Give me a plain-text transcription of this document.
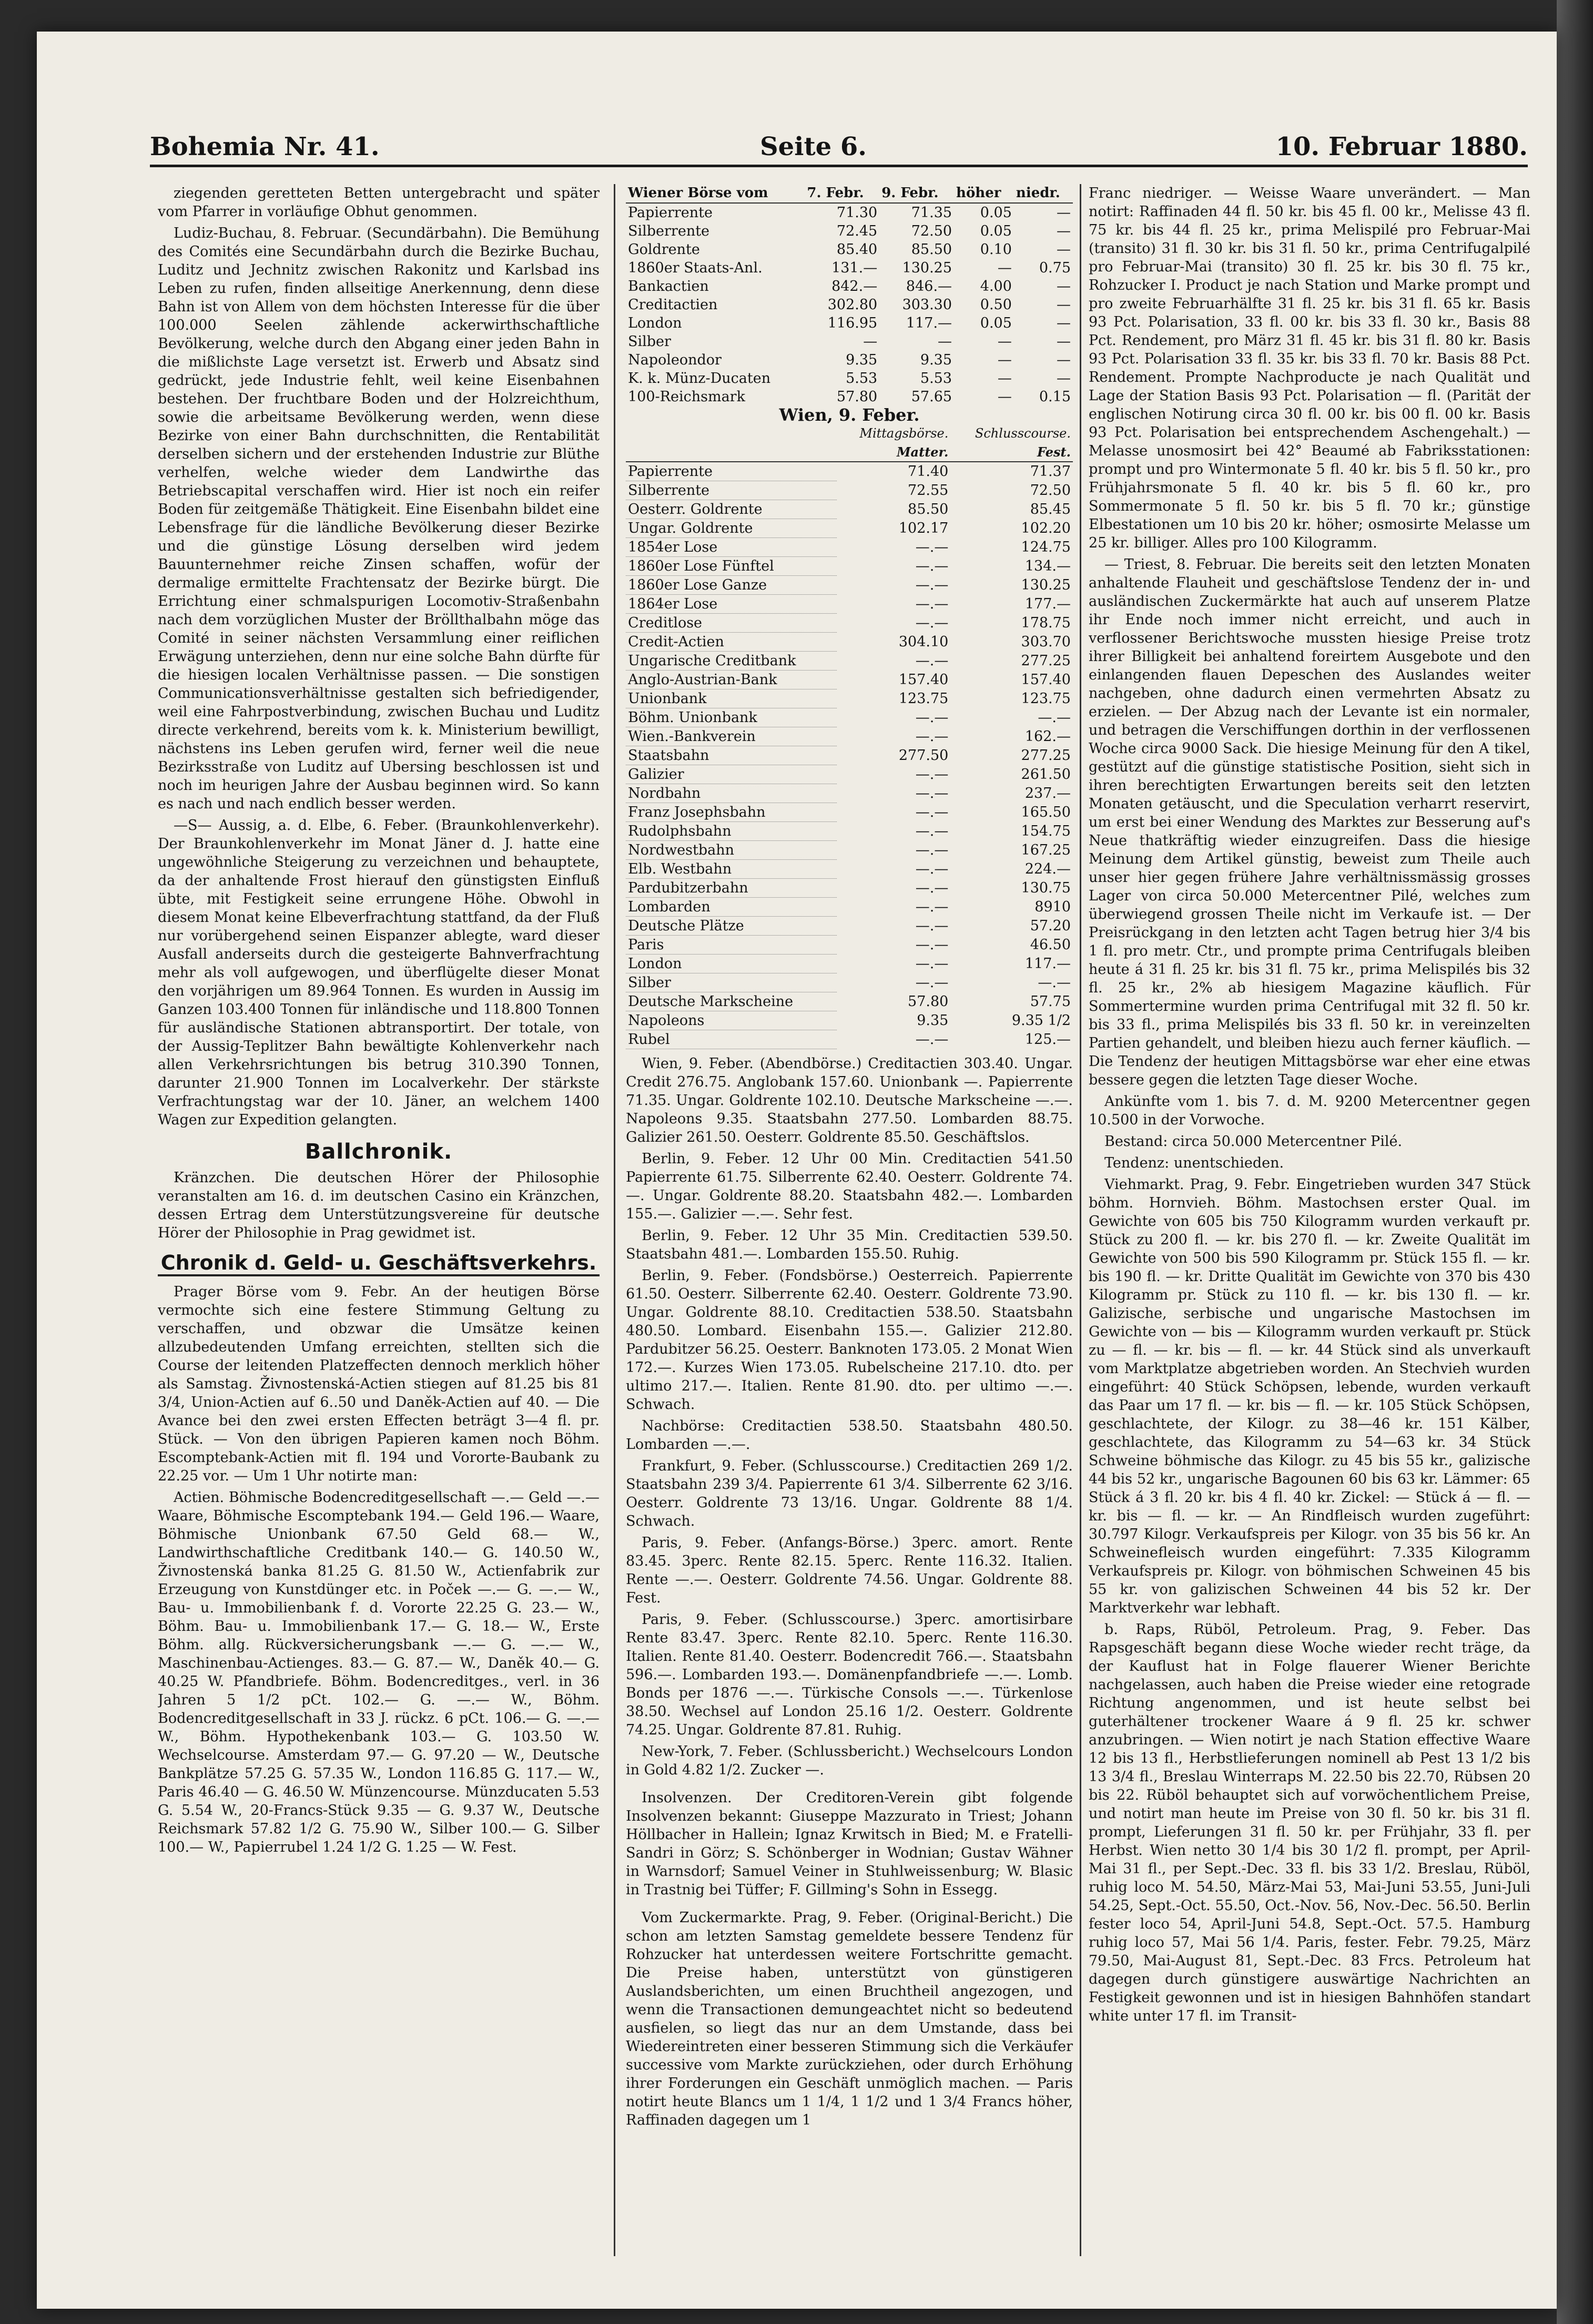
Bohemia Nr. 41.	Seite 6.	10. Februar 1880.

ziegenden geretteten Betten untergebracht und später vom Pfarrer in vorläufige Obhut genommen.

Ludiz-Buchau, 8. Februar. (Secundärbahn). Die Bemühung des Comités eine Secundärbahn durch die Bezirke Buchau, Luditz und Jechnitz zwischen Rakonitz und Karlsbad ins Leben zu rufen, finden allseitige Anerkennung, denn diese Bahn ist von Allem von dem höchsten Interesse für die über 100.000 Seelen zählende ackerwirthschaftliche Bevölkerung, welche durch den Abgang einer jeden Bahn in die mißlichste Lage versetzt ist. Erwerb und Absatz sind gedrückt, jede Industrie fehlt, weil keine Eisenbahnen bestehen. Der fruchtbare Boden und der Holzreichthum, sowie die arbeitsame Bevölkerung werden, wenn diese Bezirke von einer Bahn durchschnitten, die Rentabilität derselben sichern und der erstehenden Industrie zur Blüthe verhelfen, welche wieder dem Landwirthe das Betriebscapital verschaffen wird. Hier ist noch ein reifer Boden für zeitgemäße Thätigkeit. Eine Eisenbahn bildet eine Lebensfrage für die ländliche Bevölkerung dieser Bezirke und die günstige Lösung derselben wird jedem Bauunternehmer reiche Zinsen schaffen, wofür der dermalige ermittelte Frachtensatz der Bezirke bürgt. Die Errichtung einer schmalspurigen Locomotiv-Straßenbahn nach dem vorzüglichen Muster der Bröllthalbahn möge das Comité in seiner nächsten Versammlung einer reiflichen Erwägung unterziehen, denn nur eine solche Bahn dürfte für die hiesigen localen Verhältnisse passen. — Die sonstigen Communicationsverhältnisse gestalten sich befriedigender, weil eine Fahrpostverbindung, zwischen Buchau und Luditz directe verkehrend, bereits vom k. k. Ministerium bewilligt, nächstens ins Leben gerufen wird, ferner weil die neue Bezirksstraße von Luditz auf Ubersing beschlossen ist und noch im heurigen Jahre der Ausbau beginnen wird. So kann es nach und nach endlich besser werden.

—S— Aussig, a. d. Elbe, 6. Feber. (Braunkohlenverkehr). Der Braunkohlenverkehr im Monat Jäner d. J. hatte eine ungewöhnliche Steigerung zu verzeichnen und behauptete, da der anhaltende Frost hierauf den günstigsten Einfluß übte, mit Festigkeit seine errungene Höhe. Obwohl in diesem Monat keine Elbeverfrachtung stattfand, da der Fluß nur vorübergehend seinen Eispanzer ablegte, ward dieser Ausfall anderseits durch die gesteigerte Bahnverfrachtung mehr als voll aufgewogen, und überflügelte dieser Monat den vorjährigen um 89.964 Tonnen. Es wurden in Aussig im Ganzen 103.400 Tonnen für inländische und 118.800 Tonnen für ausländische Stationen abtransportirt. Der totale, von der Aussig-Teplitzer Bahn bewältigte Kohlenverkehr nach allen Verkehrsrichtungen bis betrug 310.390 Tonnen, darunter 21.900 Tonnen im Localverkehr. Der stärkste Verfrachtungstag war der 10. Jäner, an welchem 1400 Wagen zur Expedition gelangten.

Ballchronik.

Kränzchen. Die deutschen Hörer der Philosophie veranstalten am 16. d. im deutschen Casino ein Kränzchen, dessen Ertrag dem Unterstützungsvereine für deutsche Hörer der Philosophie in Prag gewidmet ist.

Chronik d. Geld- u. Geschäftsverkehrs.

Prager Börse vom 9. Febr. An der heutigen Börse vermochte sich eine festere Stimmung Geltung zu verschaffen, und obzwar die Umsätze keinen allzubedeutenden Umfang erreichten, stellten sich die Course der leitenden Platzeffecten dennoch merklich höher als Samstag. Živnostenská-Actien stiegen auf 81.25 bis 81 3/4, Union-Actien auf 6..50 und Daněk-Actien auf 40. — Die Avance bei den zwei ersten Effecten beträgt 3—4 fl. pr. Stück. — Von den übrigen Papieren kamen noch Böhm. Escomptebank-Actien mit fl. 194 und Vororte-Baubank zu 22.25 vor. — Um 1 Uhr notirte man:

Actien. Böhmische Bodencreditgesellschaft —.— Geld —.— Waare, Böhmische Escomptebank 194.— Geld 196.— Waare, Böhmische Unionbank 67.50 Geld 68.— W., Landwirthschaftliche Creditbank 140.— G. 140.50 W., Živnostenská banka 81.25 G. 81.50 W., Actienfabrik zur Erzeugung von Kunstdünger etc. in Poček —.— G. —.— W., Bau- u. Immobilienbank f. d. Vororte 22.25 G. 23.— W., Böhm. Bau- u. Immobilienbank 17.— G. 18.— W., Erste Böhm. allg. Rückversicherungsbank —.— G. —.— W., Maschinenbau-Actienges. 83.— G. 87.— W., Daněk 40.— G. 40.25 W. Pfandbriefe. Böhm. Bodencreditges., verl. in 36 Jahren 5 1/2 pCt. 102.— G. —.— W., Böhm. Bodencreditgesellschaft in 33 J. rückz. 6 pCt. 106.— G. —.— W., Böhm. Hypothekenbank 103.— G. 103.50 W. Wechselcourse. Amsterdam 97.— G. 97.20 — W., Deutsche Bankplätze 57.25 G. 57.35 W., London 116.85 G. 117.— W., Paris 46.40 — G. 46.50 W. Münzencourse. Münzducaten 5.53 G. 5.54 W., 20-Francs-Stück 9.35 — G. 9.37 W., Deutsche Reichsmark 57.82 1/2 G. 75.90 W., Silber 100.— G. Silber 100.— W., Papierrubel 1.24 1/2 G. 1.25 — W. Fest.

Wiener Börse vom	7. Febr.	9. Febr.	höher	niedr.
Papierrente	71.30	71.35	0.05	—
Silberrente	72.45	72.50	0.05	—
Goldrente	85.40	85.50	0.10	—
1860er Staats-Anl.	131.—	130.25	—	0.75
Bankactien	842.—	846.—	4.00	—
Creditactien	302.80	303.30	0.50	—
London	116.95	117.—	0.05	—
Silber	—	—	—	—
Napoleondor	9.35	9.35	—	—
K. k. Münz-Ducaten	5.53	5.53	—	—
100-Reichsmark	57.80	57.65	—	0.15
Wien, 9. Feber.
	Mittagsbörse.	Schlusscourse.
	Matter.	Fest.
Papierrente	71.40	71.37
Silberrente	72.55	72.50
Oesterr. Goldrente	85.50	85.45
Ungar. Goldrente	102.17	102.20
1854er Lose	—.—	124.75
1860er Lose Fünftel	—.—	134.—
1860er Lose Ganze	—.—	130.25
1864er Lose	—.—	177.—
Creditlose	—.—	178.75
Credit-Actien	304.10	303.70
Ungarische Creditbank	—.—	277.25
Anglo-Austrian-Bank	157.40	157.40
Unionbank	123.75	123.75
Böhm. Unionbank	—.—	—.—
Wien.-Bankverein	—.—	162.—
Staatsbahn	277.50	277.25
Galizier	—.—	261.50
Nordbahn	—.—	237.—
Franz Josephsbahn	—.—	165.50
Rudolphsbahn	—.—	154.75
Nordwestbahn	—.—	167.25
Elb. Westbahn	—.—	224.—
Pardubitzerbahn	—.—	130.75
Lombarden	—.—	8910
Deutsche Plätze	—.—	57.20
Paris	—.—	46.50
London	—.—	117.—
Silber	—.—	—.—
Deutsche Markscheine	57.80	57.75
Napoleons	9.35	9.35 1/2
Rubel	—.—	125.—

Wien, 9. Feber. (Abendbörse.) Creditactien 303.40. Ungar. Credit 276.75. Anglobank 157.60. Unionbank —. Papierrente 71.35. Ungar. Goldrente 102.10. Deutsche Markscheine —.—. Napoleons 9.35. Staatsbahn 277.50. Lombarden 88.75. Galizier 261.50. Oesterr. Goldrente 85.50. Geschäftslos.

Berlin, 9. Feber. 12 Uhr 00 Min. Creditactien 541.50 Papierrente 61.75. Silberrente 62.40. Oesterr. Goldrente 74.—. Ungar. Goldrente 88.20. Staatsbahn 482.—. Lombarden 155.—. Galizier —.—. Sehr fest.

Berlin, 9. Feber. 12 Uhr 35 Min. Creditactien 539.50. Staatsbahn 481.—. Lombarden 155.50. Ruhig.

Berlin, 9. Feber. (Fondsbörse.) Oesterreich. Papierrente 61.50. Oesterr. Silberrente 62.40. Oesterr. Goldrente 73.90. Ungar. Goldrente 88.10. Creditactien 538.50. Staatsbahn 480.50. Lombard. Eisenbahn 155.—. Galizier 212.80. Pardubitzer 56.25. Oesterr. Banknoten 173.05. 2 Monat Wien 172.—. Kurzes Wien 173.05. Rubelscheine 217.10. dto. per ultimo 217.—. Italien. Rente 81.90. dto. per ultimo —.—. Schwach.

Nachbörse: Creditactien 538.50. Staatsbahn 480.50. Lombarden —.—.

Frankfurt, 9. Feber. (Schlusscourse.) Creditactien 269 1/2. Staatsbahn 239 3/4. Papierrente 61 3/4. Silberrente 62 3/16. Oesterr. Goldrente 73 13/16. Ungar. Goldrente 88 1/4. Schwach.

Paris, 9. Feber. (Anfangs-Börse.) 3perc. amort. Rente 83.45. 3perc. Rente 82.15. 5perc. Rente 116.32. Italien. Rente —.—. Oesterr. Goldrente 74.56. Ungar. Goldrente 88. Fest.

Paris, 9. Feber. (Schlusscourse.) 3perc. amortisirbare Rente 83.47. 3perc. Rente 82.10. 5perc. Rente 116.30. Italien. Rente 81.40. Oesterr. Bodencredit 766.—. Staatsbahn 596.—. Lombarden 193.—. Domänenpfandbriefe —.—. Lomb. Bonds per 1876 —.—. Türkische Consols —.—. Türkenlose 38.50. Wechsel auf London 25.16 1/2. Oesterr. Goldrente 74.25. Ungar. Goldrente 87.81. Ruhig.

New-York, 7. Feber. (Schlussbericht.) Wechselcours London in Gold 4.82 1/2. Zucker —.

Insolvenzen. Der Creditoren-Verein gibt folgende Insolvenzen bekannt: Giuseppe Mazzurato in Triest; Johann Höllbacher in Hallein; Ignaz Krwitsch in Bied; M. e Fratelli-Sandri in Görz; S. Schönberger in Wodnian; Gustav Wähner in Warnsdorf; Samuel Veiner in Stuhlweissenburg; W. Blasic in Trastnig bei Tüffer; F. Gillming's Sohn in Essegg.

Vom Zuckermarkte. Prag, 9. Feber. (Original-Bericht.) Die schon am letzten Samstag gemeldete bessere Tendenz für Rohzucker hat unterdessen weitere Fortschritte gemacht. Die Preise haben, unterstützt von günstigeren Auslandsberichten, um einen Bruchtheil angezogen, und wenn die Transactionen demungeachtet nicht so bedeutend ausfielen, so liegt das nur an dem Umstande, dass bei Wiedereintreten einer besseren Stimmung sich die Verkäufer successive vom Markte zurückziehen, oder durch Erhöhung ihrer Forderungen ein Geschäft unmöglich machen. — Paris notirt heute Blancs um 1 1/4, 1 1/2 und 1 3/4 Francs höher, Raffinaden dagegen um 1

Franc niedriger. — Weisse Waare unverändert. — Man notirt: Raffinaden 44 fl. 50 kr. bis 45 fl. 00 kr., Melisse 43 fl. 75 kr. bis 44 fl. 25 kr., prima Melispilé pro Februar-Mai (transito) 31 fl. 30 kr. bis 31 fl. 50 kr., prima Centrifugalpilé pro Februar-Mai (transito) 30 fl. 25 kr. bis 30 fl. 75 kr., Rohzucker I. Product je nach Station und Marke prompt und pro zweite Februarhälfte 31 fl. 25 kr. bis 31 fl. 65 kr. Basis 93 Pct. Polarisation, 33 fl. 00 kr. bis 33 fl. 30 kr., Basis 88 Pct. Rendement, pro März 31 fl. 45 kr. bis 31 fl. 80 kr. Basis 93 Pct. Polarisation 33 fl. 35 kr. bis 33 fl. 70 kr. Basis 88 Pct. Rendement. Prompte Nachproducte je nach Qualität und Lage der Station Basis 93 Pct. Polarisation — fl. (Parität der englischen Notirung circa 30 fl. 00 kr. bis 00 fl. 00 kr. Basis 93 Pct. Polarisation bei entsprechendem Aschengehalt.) — Melasse unosmosirt bei 42° Beaumé ab Fabriksstationen: prompt und pro Wintermonate 5 fl. 40 kr. bis 5 fl. 50 kr., pro Frühjahrsmonate 5 fl. 40 kr. bis 5 fl. 60 kr., pro Sommermonate 5 fl. 50 kr. bis 5 fl. 70 kr.; günstige Elbestationen um 10 bis 20 kr. höher; osmosirte Melasse um 25 kr. billiger. Alles pro 100 Kilogramm.

— Triest, 8. Februar. Die bereits seit den letzten Monaten anhaltende Flauheit und geschäftslose Tendenz der in- und ausländischen Zuckermärkte hat auch auf unserem Platze ihr Ende noch immer nicht erreicht, und auch in verflossener Berichtswoche mussten hiesige Preise trotz ihrer Billigkeit bei anhaltend foreirtem Ausgebote und den einlangenden flauen Depeschen des Auslandes weiter nachgeben, ohne dadurch einen vermehrten Absatz zu erzielen. — Der Abzug nach der Levante ist ein normaler, und betragen die Verschiffungen dorthin in der verflossenen Woche circa 9000 Sack. Die hiesige Meinung für den A tikel, gestützt auf die günstige statistische Position, sieht sich in ihren berechtigten Erwartungen bereits seit den letzten Monaten getäuscht, und die Speculation verharrt reservirt, um erst bei einer Wendung des Marktes zur Besserung auf's Neue thatkräftig wieder einzugreifen. Dass die hiesige Meinung dem Artikel günstig, beweist zum Theile auch unser hier gegen frühere Jahre verhältnissmässig grosses Lager von circa 50.000 Metercentner Pilé, welches zum überwiegend grossen Theile nicht im Verkaufe ist. — Der Preisrückgang in den letzten acht Tagen betrug hier 3/4 bis 1 fl. pro metr. Ctr., und prompte prima Centrifugals bleiben heute á 31 fl. 25 kr. bis 31 fl. 75 kr., prima Melispilés bis 32 fl. 25 kr., 2% ab hiesigem Magazine käuflich. Für Sommertermine wurden prima Centrifugal mit 32 fl. 50 kr. bis 33 fl., prima Melispilés bis 33 fl. 50 kr. in vereinzelten Partien gehandelt, und bleiben hiezu auch ferner käuflich. — Die Tendenz der heutigen Mittagsbörse war eher eine etwas bessere gegen die letzten Tage dieser Woche.

Ankünfte vom 1. bis 7. d. M. 9200 Metercentner gegen 10.500 in der Vorwoche.

Bestand: circa 50.000 Metercentner Pilé.

Tendenz: unentschieden.

Viehmarkt. Prag, 9. Febr. Eingetrieben wurden 347 Stück böhm. Hornvieh. Böhm. Mastochsen erster Qual. im Gewichte von 605 bis 750 Kilogramm wurden verkauft pr. Stück zu 200 fl. — kr. bis 270 fl. — kr. Zweite Qualität im Gewichte von 500 bis 590 Kilogramm pr. Stück 155 fl. — kr. bis 190 fl. — kr. Dritte Qualität im Gewichte von 370 bis 430 Kilogramm pr. Stück zu 110 fl. — kr. bis 130 fl. — kr. Galizische, serbische und ungarische Mastochsen im Gewichte von — bis — Kilogramm wurden verkauft pr. Stück zu — fl. — kr. bis — fl. — kr. 44 Stück sind als unverkauft vom Marktplatze abgetrieben worden. An Stechvieh wurden eingeführt: 40 Stück Schöpsen, lebende, wurden verkauft das Paar um 17 fl. — kr. bis — fl. — kr. 105 Stück Schöpsen, geschlachtete, der Kilogr. zu 38—46 kr. 151 Kälber, geschlachtete, das Kilogramm zu 54—63 kr. 34 Stück Schweine böhmische das Kilogr. zu 45 bis 55 kr., galizische 44 bis 52 kr., ungarische Bagounen 60 bis 63 kr. Lämmer: 65 Stück á 3 fl. 20 kr. bis 4 fl. 40 kr. Zickel: — Stück á — fl. — kr. bis — fl. — kr. — An Rindfleisch wurden zugeführt: 30.797 Kilogr. Verkaufspreis per Kilogr. von 35 bis 56 kr. An Schweinefleisch wurden eingeführt: 7.335 Kilogramm Verkaufspreis pr. Kilogr. von böhmischen Schweinen 45 bis 55 kr. von galizischen Schweinen 44 bis 52 kr. Der Marktverkehr war lebhaft.

b. Raps, Rüböl, Petroleum. Prag, 9. Feber. Das Rapsgeschäft begann diese Woche wieder recht träge, da der Kauflust hat in Folge flauerer Wiener Berichte nachgelassen, auch haben die Preise wieder eine retograde Richtung angenommen, und ist heute selbst bei guterhältener trockener Waare á 9 fl. 25 kr. schwer anzubringen. — Wien notirt je nach Station effective Waare 12 bis 13 fl., Herbstlieferungen nominell ab Pest 13 1/2 bis 13 3/4 fl., Breslau Winterraps M. 22.50 bis 22.70, Rübsen 20 bis 22. Rüböl behauptet sich auf vorwöchentlichem Preise, und notirt man heute im Preise von 30 fl. 50 kr. bis 31 fl. prompt, Lieferungen 31 fl. 50 kr. per Frühjahr, 33 fl. per Herbst. Wien netto 30 1/4 bis 30 1/2 fl. prompt, per April-Mai 31 fl., per Sept.-Dec. 33 fl. bis 33 1/2. Breslau, Rüböl, ruhig loco M. 54.50, März-Mai 53, Mai-Juni 53.55, Juni-Juli 54.25, Sept.-Oct. 55.50, Oct.-Nov. 56, Nov.-Dec. 56.50. Berlin fester loco 54, April-Juni 54.8, Sept.-Oct. 57.5. Hamburg ruhig loco 57, Mai 56 1/4. Paris, fester. Febr. 79.25, März 79.50, Mai-August 81, Sept.-Dec. 83 Frcs. Petroleum hat dagegen durch günstigere auswärtige Nachrichten an Festigkeit gewonnen und ist in hiesigen Bahnhöfen standart white unter 17 fl. im Transit-
